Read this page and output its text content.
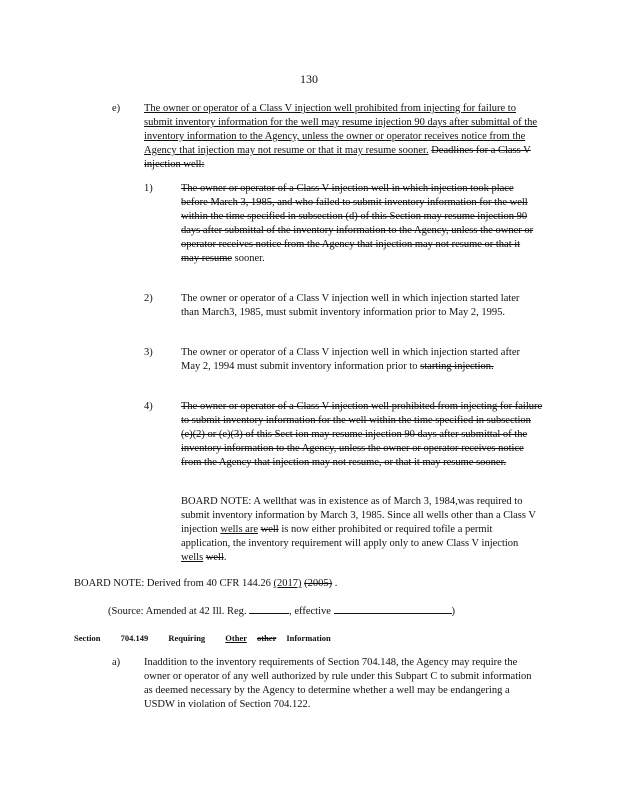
130
e)	The owner or operator of a Class V injection well prohibited from injecting for failure to submit inventory information for the well may resume injection 90 days after submittal of the inventory information to the Agency, unless the owner or operator receives notice from the Agency that injection may not resume or that it may resume sooner. Deadlines for a Class V injection well:
1)	The owner or operator of a Class V injection well in which injection took place before March 3, 1985, and who failed to submit inventory information for the well within the time specified in subsection (d) of this Section may resume injection 90 days after submittal of the inventory information to the Agency, unless the owner or operator receives notice from the Agency that injection may not resume or that it may resume sooner.
2)	The owner or operator of a Class V injection well in which injection started later than March3, 1985, must submit inventory information prior to May 2, 1995.
3)	The owner or operator of a Class V injection well in which injection started after May 2, 1994 must submit inventory information prior to starting injection.
4)	The owner or operator of a Class V injection well prohibited from injecting for failure to submit inventory information for the well within the time specified in subsection (e)(2) or (e)(3) of this Sect ion may resume injection 90 days after submittal of the inventory information to the Agency, unless the owner or operator receives notice from the Agency that injection may not resume, or that it may resume sooner.
BOARD NOTE: A wellthat was in existence as of March 3, 1984,was required to submit inventory information by March 3, 1985. Since all wells other than a Class V injection wells are well is now either prohibited or required tofile a permit application, the inventory requirement will apply only to anew Class V injection wells well.
BOARD NOTE: Derived from 40 CFR 144.26 (2017) (2005) .
(Source: Amended at 42 Ill. Reg.	, effective	)
Section 704.149 Requiring Other other Information
a)	Inaddition to the inventory requirements of Section 704.148, the Agency may require the owner or operator of any well authorized by rule under this Subpart C to submit information as deemed necessary by the Agency to determine whether a well may be endangering a USDW in violation of Section 704.122.
